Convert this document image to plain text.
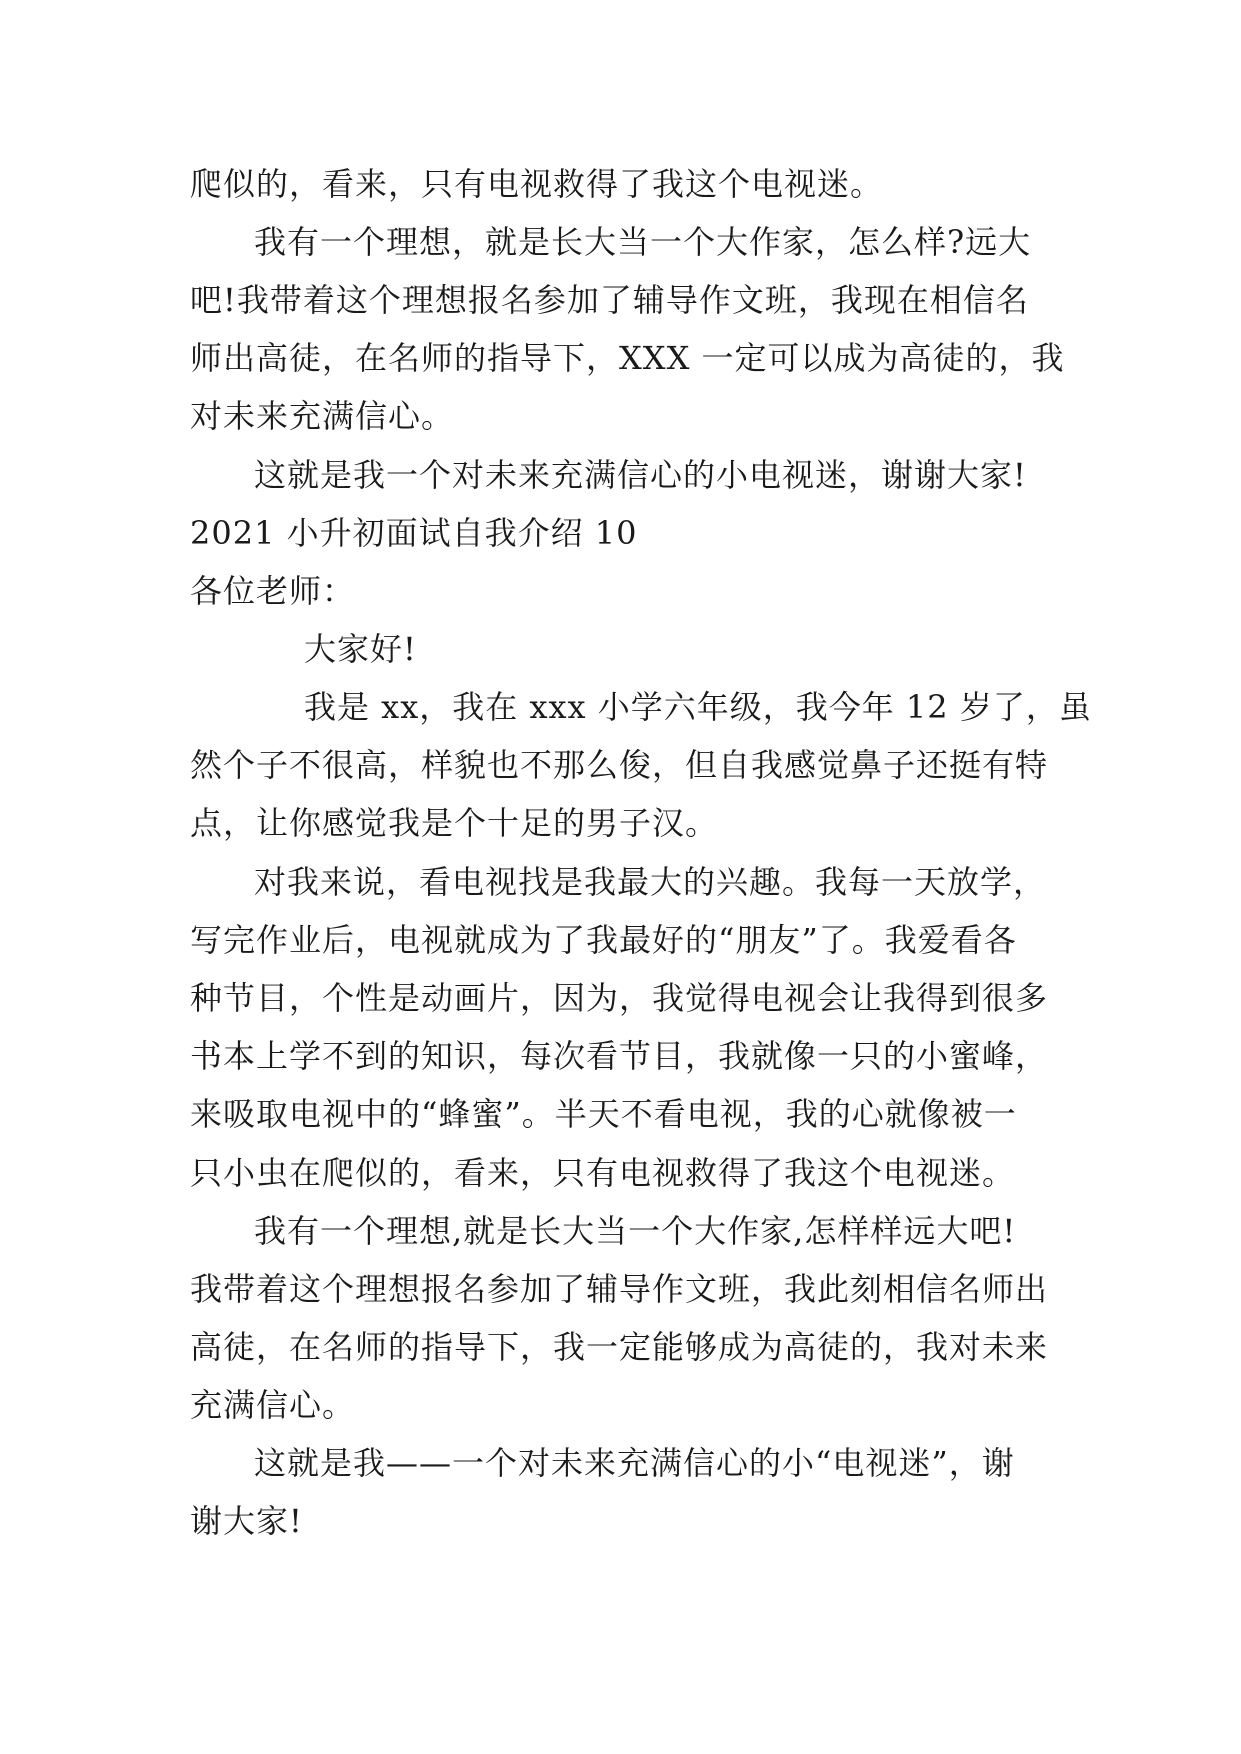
爬似的，看来，只有电视救得了我这个电视迷。
我有一个理想，就是长大当一个大作家，怎么样?远大
吧!我带着这个理想报名参加了辅导作文班，我现在相信名
师出高徒，在名师的指导下，XXX 一定可以成为高徒的，我
对未来充满信心。
这就是我一个对未来充满信心的小电视迷，谢谢大家!
2021 小升初面试自我介绍 10
各位老师：
大家好!
我是 xx，我在 xxx 小学六年级，我今年 12 岁了，虽
然个子不很高，样貌也不那么俊，但自我感觉鼻子还挺有特
点，让你感觉我是个十足的男子汉。
对我来说，看电视找是我最大的兴趣。我每一天放学，
写完作业后，电视就成为了我最好的“朋友”了。我爱看各
种节目，个性是动画片，因为，我觉得电视会让我得到很多
书本上学不到的知识，每次看节目，我就像一只的小蜜峰，
来吸取电视中的“蜂蜜”。半天不看电视，我的心就像被一
只小虫在爬似的，看来，只有电视救得了我这个电视迷。
我有一个理想,就是长大当一个大作家,怎样样远大吧!
我带着这个理想报名参加了辅导作文班，我此刻相信名师出
高徒，在名师的指导下，我一定能够成为高徒的，我对未来
充满信心。
这就是我——一个对未来充满信心的小“电视迷”，谢
谢大家!
